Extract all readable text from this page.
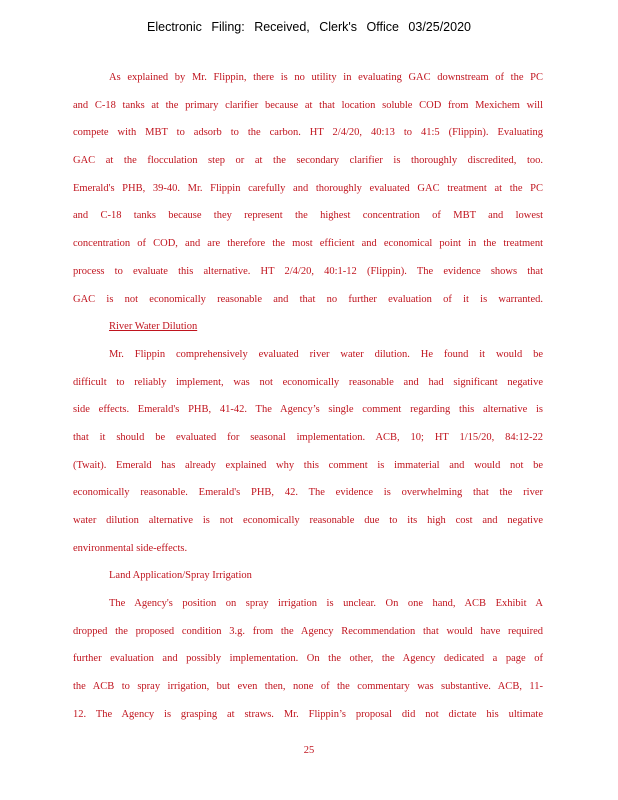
Electronic Filing: Received, Clerk's Office 03/25/2020
As explained by Mr. Flippin, there is no utility in evaluating GAC downstream of the PC
and C-18 tanks at the primary clarifier because at that location soluble COD from Mexichem will
compete with MBT to adsorb to the carbon. HT 2/4/20, 40:13 to 41:5 (Flippin). Evaluating
GAC at the flocculation step or at the secondary clarifier is thoroughly discredited, too.
Emerald's PHB, 39-40. Mr. Flippin carefully and thoroughly evaluated GAC treatment at the PC
and C-18 tanks because they represent the highest concentration of MBT and lowest
concentration of COD, and are therefore the most efficient and economical point in the treatment
process to evaluate this alternative. HT 2/4/20, 40:1-12 (Flippin). The evidence shows that
GAC is not economically reasonable and that no further evaluation of it is warranted.
River Water Dilution
Mr. Flippin comprehensively evaluated river water dilution. He found it would be
difficult to reliably implement, was not economically reasonable and had significant negative
side effects. Emerald's PHB, 41-42. The Agency’s single comment regarding this alternative is
that it should be evaluated for seasonal implementation. ACB, 10; HT 1/15/20, 84:12-22
(Twait). Emerald has already explained why this comment is immaterial and would not be
economically reasonable. Emerald's PHB, 42. The evidence is overwhelming that the river
water dilution alternative is not economically reasonable due to its high cost and negative
environmental side-effects.
Land Application/Spray Irrigation
The Agency's position on spray irrigation is unclear. On one hand, ACB Exhibit A
dropped the proposed condition 3.g. from the Agency Recommendation that would have required
further evaluation and possibly implementation. On the other, the Agency dedicated a page of
the ACB to spray irrigation, but even then, none of the commentary was substantive. ACB, 11-
12. The Agency is grasping at straws. Mr. Flippin’s proposal did not dictate his ultimate
25
